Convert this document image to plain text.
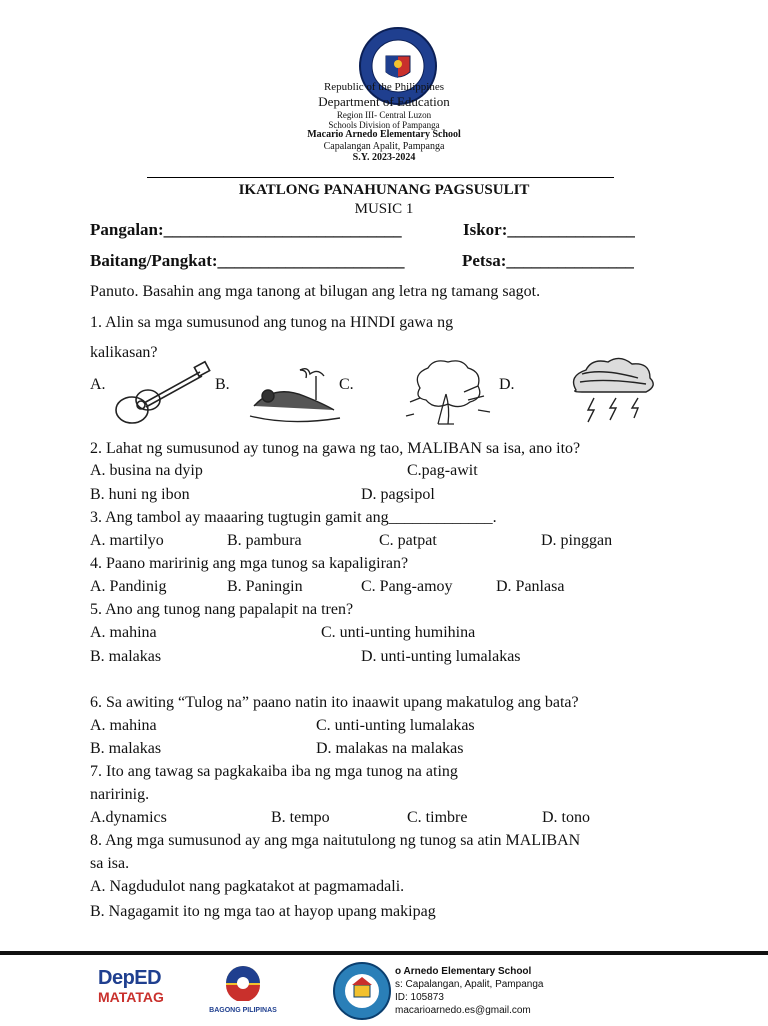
Republic of the Philippines
Department of Education
Region III- Central Luzon
Schools Division of Pampanga
Macario Arnedo Elementary School
Capalangan Apalit, Pampanga
S.Y. 2023-2024
IKATLONG PANAHUNANG PAGSUSULIT
MUSIC 1
Pangalan:____________________________	Iskor:_______________
Baitang/Pangkat:______________________	Petsa:_______________
Panuto. Basahin ang mga tanong at bilugan ang letra ng tamang sagot.
1. Alin sa mga sumusunod ang tunog na HINDI gawa ng
kalikasan?
A.	B.	C.	D.
2. Lahat ng sumusunod ay tunog na gawa ng tao, MALIBAN sa isa, ano ito?
A. busina na dyip	C.pag-awit
B. huni ng ibon	D. pagsipol
3. Ang tambol ay maaaring tugtugin gamit ang_____________.
A. martilyo	B. pambura	C. patpat	D. pinggan
4. Paano maririnig ang mga tunog sa kapaligiran?
A. Pandinig	B. Paningin	C. Pang-amoy	D. Panlasa
5. Ano ang tunog nang papalapit na tren?
A. mahina	C. unti-unting humihina
B. malakas	D. unti-unting lumalakas
6. Sa awiting “Tulog na” paano natin ito inaawit upang makatulog ang bata?
A. mahina	C. unti-unting lumalakas
B. malakas	D. malakas na malakas
7. Ito ang tawag sa pagkakaiba iba ng mga tunog na ating
naririnig.
A.dynamics	B. tempo	C. timbre	D. tono
8. Ang mga sumusunod ay ang mga naitutulong ng tunog sa atin MALIBAN
sa isa.
A. Nagdudulot nang pagkatakot at pagmamadali.
B. Nagagamit ito ng mga tao at hayop upang makipag
DepED
MATATAG
BAGONG PILIPINAS
o Arnedo Elementary School
s: Capalangan, Apalit, Pampanga
ID: 105873
macarioarnedo.es@gmail.com
